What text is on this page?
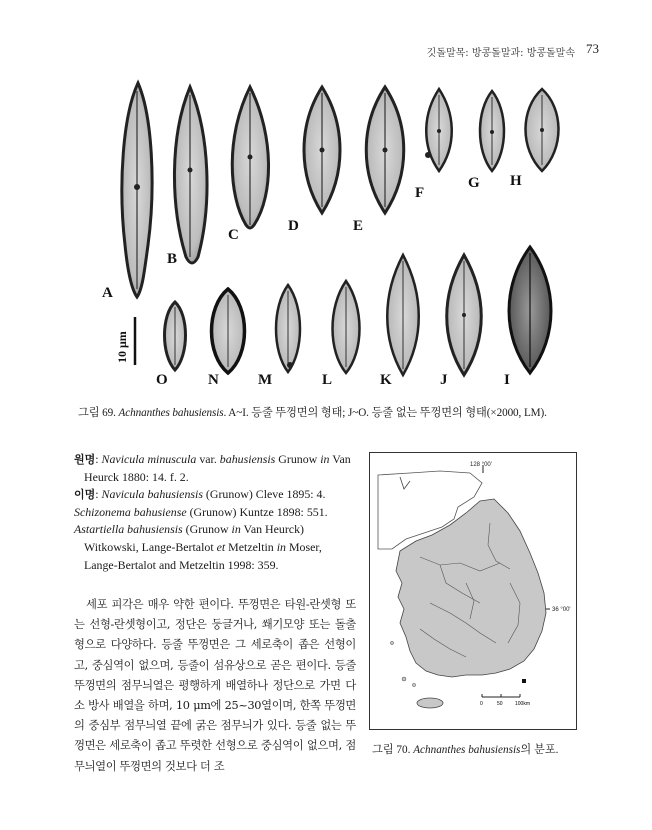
깃돌말목: 방콩돌말과: 방콩돌말속 73
10 μm
A
B
C
D	E
F
G H
O	N	M	L	K	J	I
그림 69. Achnanthes bahusiensis. A~I. 등줄 뚜껑면의 형태; J~O. 등줄 없는 뚜껑면의 형태(×2000, LM).

원명: Navicula minuscula var. bahusiensis Grunow in Van Heurck 1880: 14. f. 2.

이명: Navicula bahusiensis (Grunow) Cleve 1895: 4.

Schizonema bahusiense (Grunow) Kuntze 1898: 551.

Astartiella bahusiensis (Grunow in Van Heurck) Witkowski, Lange-Bertalot et Metzeltin in Moser, Lange-Bertalot and Metzeltin 1998: 359.

세포 피각은 매우 약한 편이다. 뚜껑면은 타원-란셋형 또는 선형-란셋형이고, 정단은 둥글거나, 쐐기모양 또는 돌출형으로 다양하다. 등줄 뚜껑면은 그 세로축이 좁은 선형이고, 중심역이 없으며, 등줄이 섬유상으로 곧은 편이다. 등줄 뚜껑면의 점무늬열은 평행하게 배열하나 정단으로 가면 다소 방사 배열을 하며, 10 μm에 25~30열이며, 한쪽 뚜껑면의 중심부 점무늬열 끝에 굵은 점무늬가 있다. 등줄 없는 뚜껑면은 세로축이 좁고 뚜렷한 선형으로 중심역이 없으며, 점무늬열이 뚜껑면의 것보다 더 조
128 °00'
36 °00'
0	50 100km
그림 70. Achnanthes bahusiensis의 분포.
